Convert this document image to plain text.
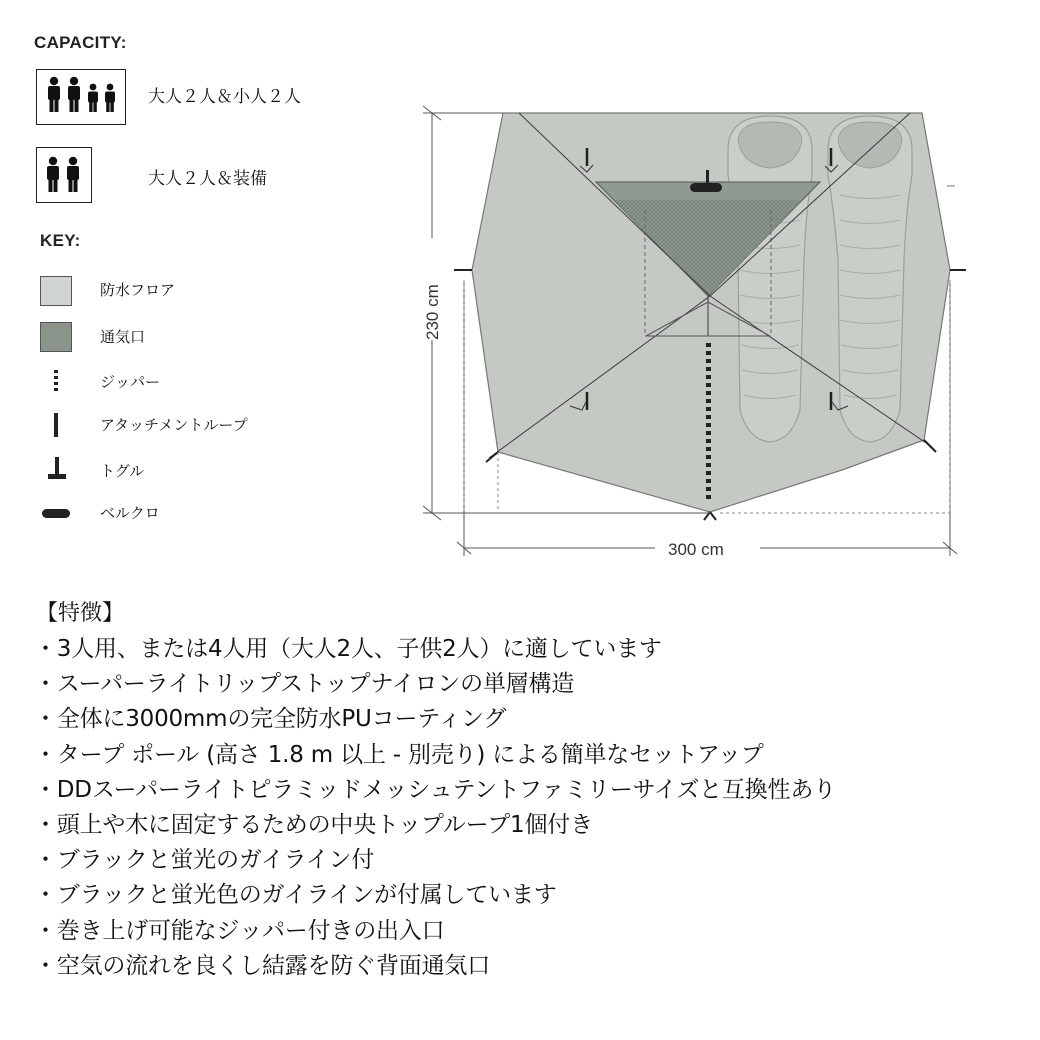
CAPACITY:
大人２人＆小人２人
大人２人＆装備
KEY:
防水フロア
通気口
ジッパー
アタッチメントループ
トグル
ベルクロ
230 cm
300 cm
【特徴】
・3人用、または4人用（大人2人、子供2人）に適しています
・スーパーライトリップストップナイロンの単層構造
・全体に3000mmの完全防水PUコーティング
・タープ ポール (高さ 1.8 m 以上 - 別売り) による簡単なセットアップ
・DDスーパーライトピラミッドメッシュテントファミリーサイズと互換性あり
・頭上や木に固定するための中央トップループ1個付き
・ブラックと蛍光のガイライン付
・ブラックと蛍光色のガイラインが付属しています
・巻き上げ可能なジッパー付きの出入口
・空気の流れを良くし結露を防ぐ背面通気口
